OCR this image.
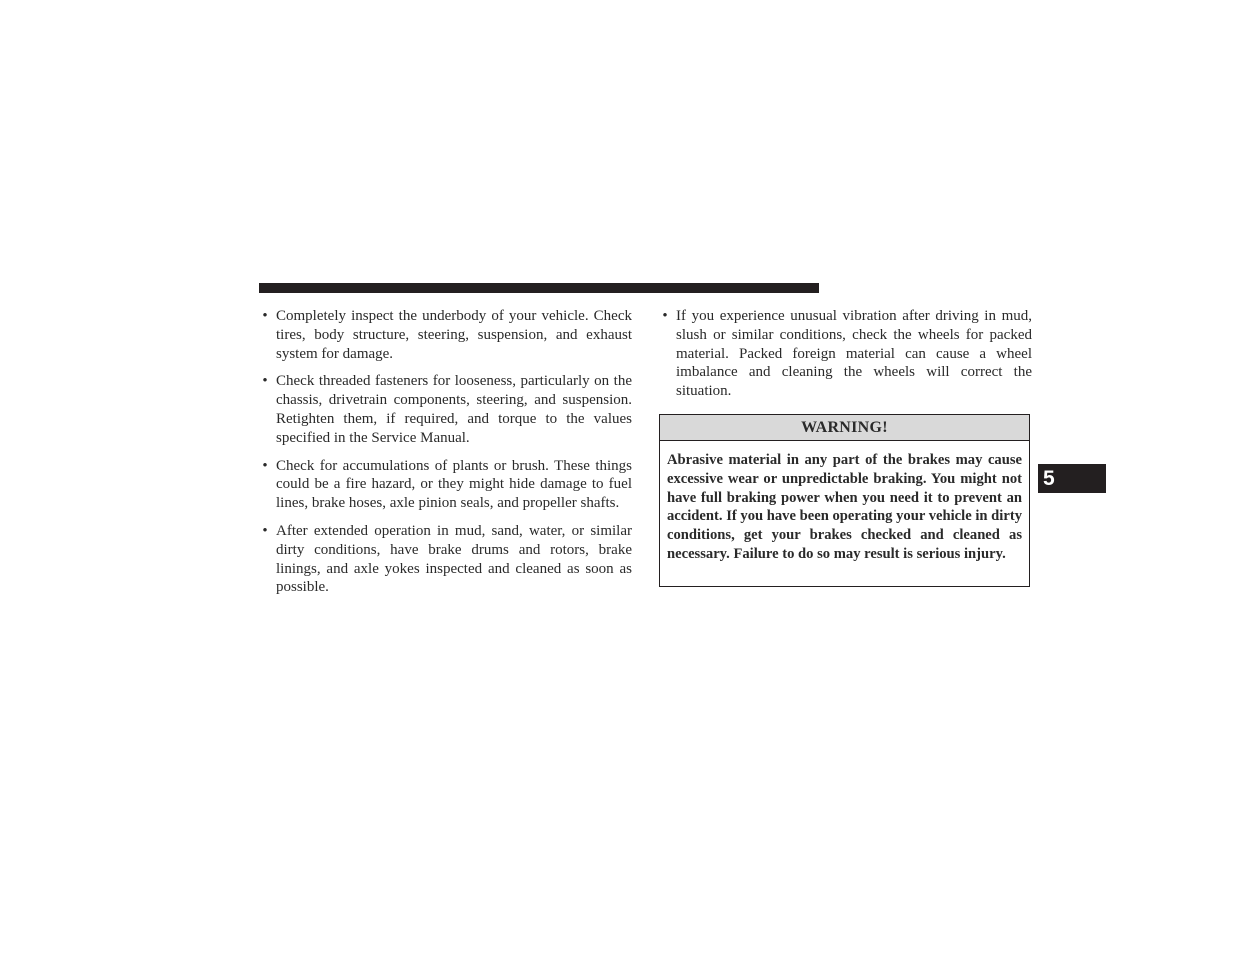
• Completely inspect the underbody of your vehicle. Check tires, body structure, steering, suspension, and exhaust system for damage.
• Check threaded fasteners for looseness, particularly on the chassis, drivetrain components, steering, and suspension. Retighten them, if required, and torque to the values specified in the Service Manual.
• Check for accumulations of plants or brush. These things could be a fire hazard, or they might hide damage to fuel lines, brake hoses, axle pinion seals, and propeller shafts.
• After extended operation in mud, sand, water, or similar dirty conditions, have brake drums and rotors, brake linings, and axle yokes inspected and cleaned as soon as possible.
• If you experience unusual vibration after driving in mud, slush or similar conditions, check the wheels for packed material. Packed foreign material can cause a wheel imbalance and cleaning the wheels will correct the situation.
WARNING!
Abrasive material in any part of the brakes may cause excessive wear or unpredictable braking. You might not have full braking power when you need it to prevent an accident. If you have been operating your vehicle in dirty conditions, get your brakes checked and cleaned as necessary. Failure to do so may result is serious injury.
5
